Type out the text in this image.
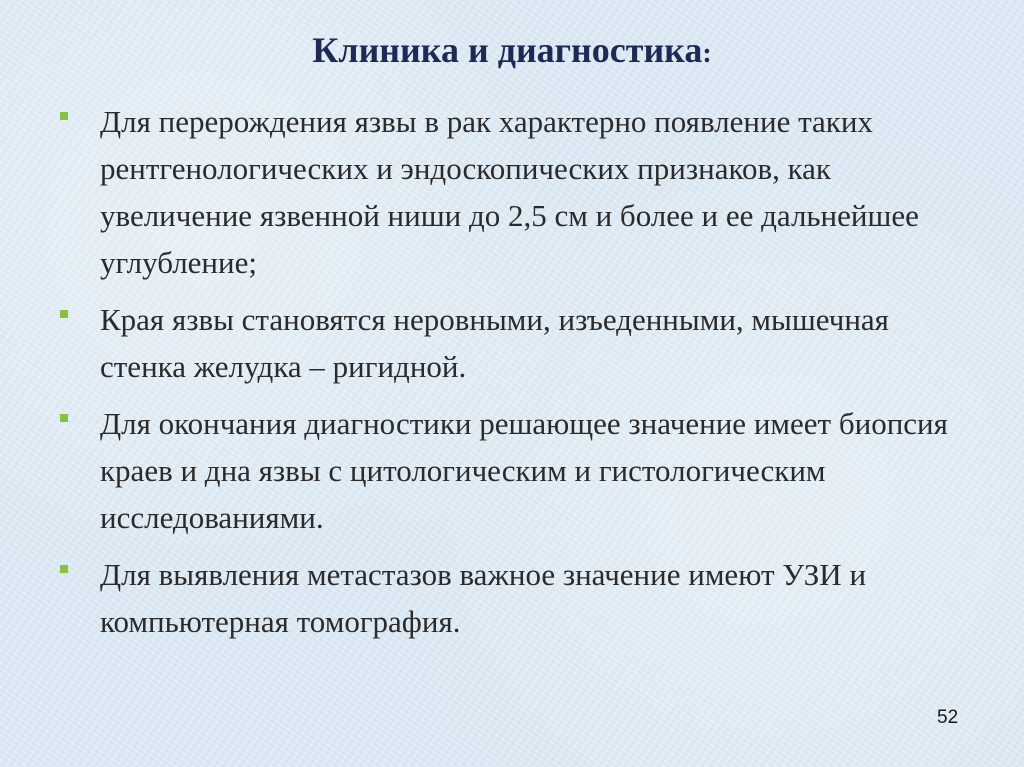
Клиника и диагностика:
Для перерождения язвы в рак характерно появление таких рентгенологических и эндоскопических признаков, как увеличение язвенной ниши до 2,5 см и более и ее дальнейшее углубление;
Края язвы становятся неровными, изъеденными, мышечная стенка желудка – ригидной.
Для окончания диагностики решающее значение имеет биопсия краев и дна язвы с цитологическим и гистологическим исследованиями.
Для выявления метастазов важное значение имеют УЗИ и компьютерная томография.
52
